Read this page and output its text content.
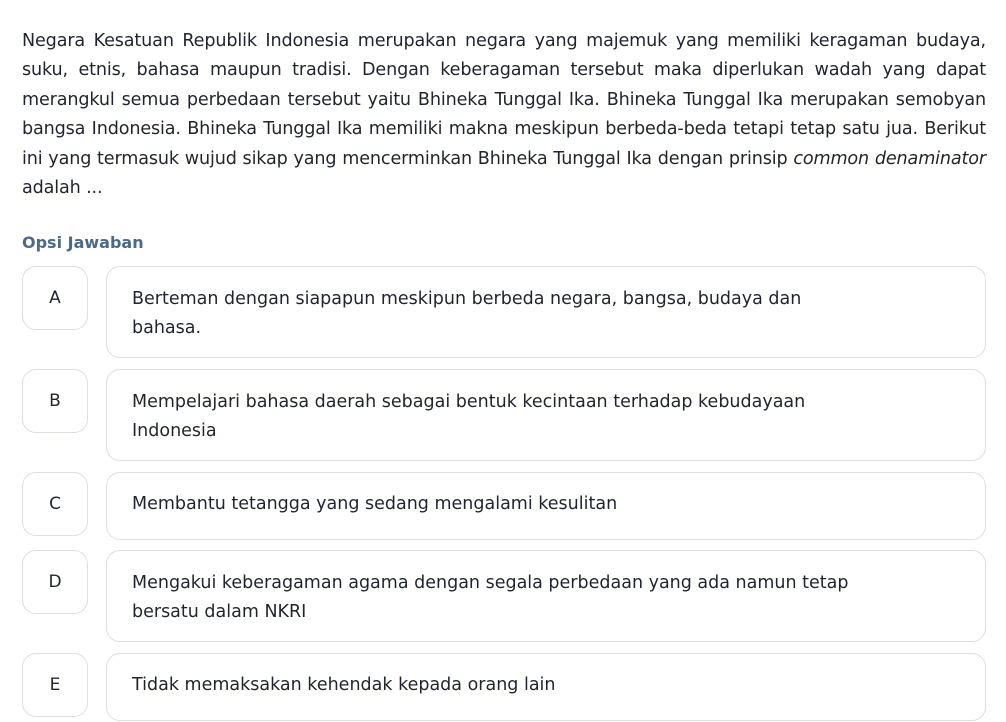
Negara Kesatuan Republik Indonesia merupakan negara yang majemuk yang memiliki keragaman budaya, suku, etnis, bahasa maupun tradisi. Dengan keberagaman tersebut maka diperlukan wadah yang dapat merangkul semua perbedaan tersebut yaitu Bhineka Tunggal Ika. Bhineka Tunggal Ika merupakan semobyan bangsa Indonesia. Bhineka Tunggal Ika memiliki makna meskipun berbeda-beda tetapi tetap satu jua. Berikut ini yang termasuk wujud sikap yang mencerminkan Bhineka Tunggal Ika dengan prinsip common denaminator adalah ...
Opsi Jawaban
A	Berteman dengan siapapun meskipun berbeda negara, bangsa, budaya dan bahasa.
Mempelajari bahasa daerah sebagai bentuk kecintaan terhadap kebudayaan Indonesia
B
C	Membantu tetangga yang sedang mengalami kesulitan
D	Mengakui keberagaman agama dengan segala perbedaan yang ada namun tetap bersatu dalam NKRI
E	Tidak memaksakan kehendak kepada orang lain
